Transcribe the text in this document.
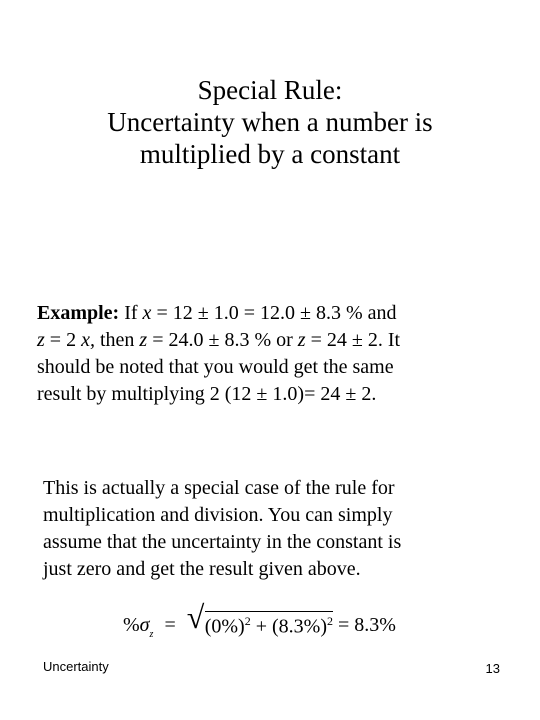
Special Rule:
Uncertainty when a number is
multiplied by a constant
Example: If x = 12 ± 1.0 = 12.0 ± 8.3 % and
z = 2 x, then z = 24.0 ± 8.3 % or z = 24 ± 2. It
should be noted that you would get the same
result by multiplying 2 (12 ± 1.0)= 24 ± 2.
This is actually a special case of the rule for
multiplication and division. You can simply
assume that the uncertainty in the constant is
just zero and get the result given above.
% σ z = √ $(0\%)^2 + (8.3\%)^2 = 8.3\%$
Uncertainty	13
